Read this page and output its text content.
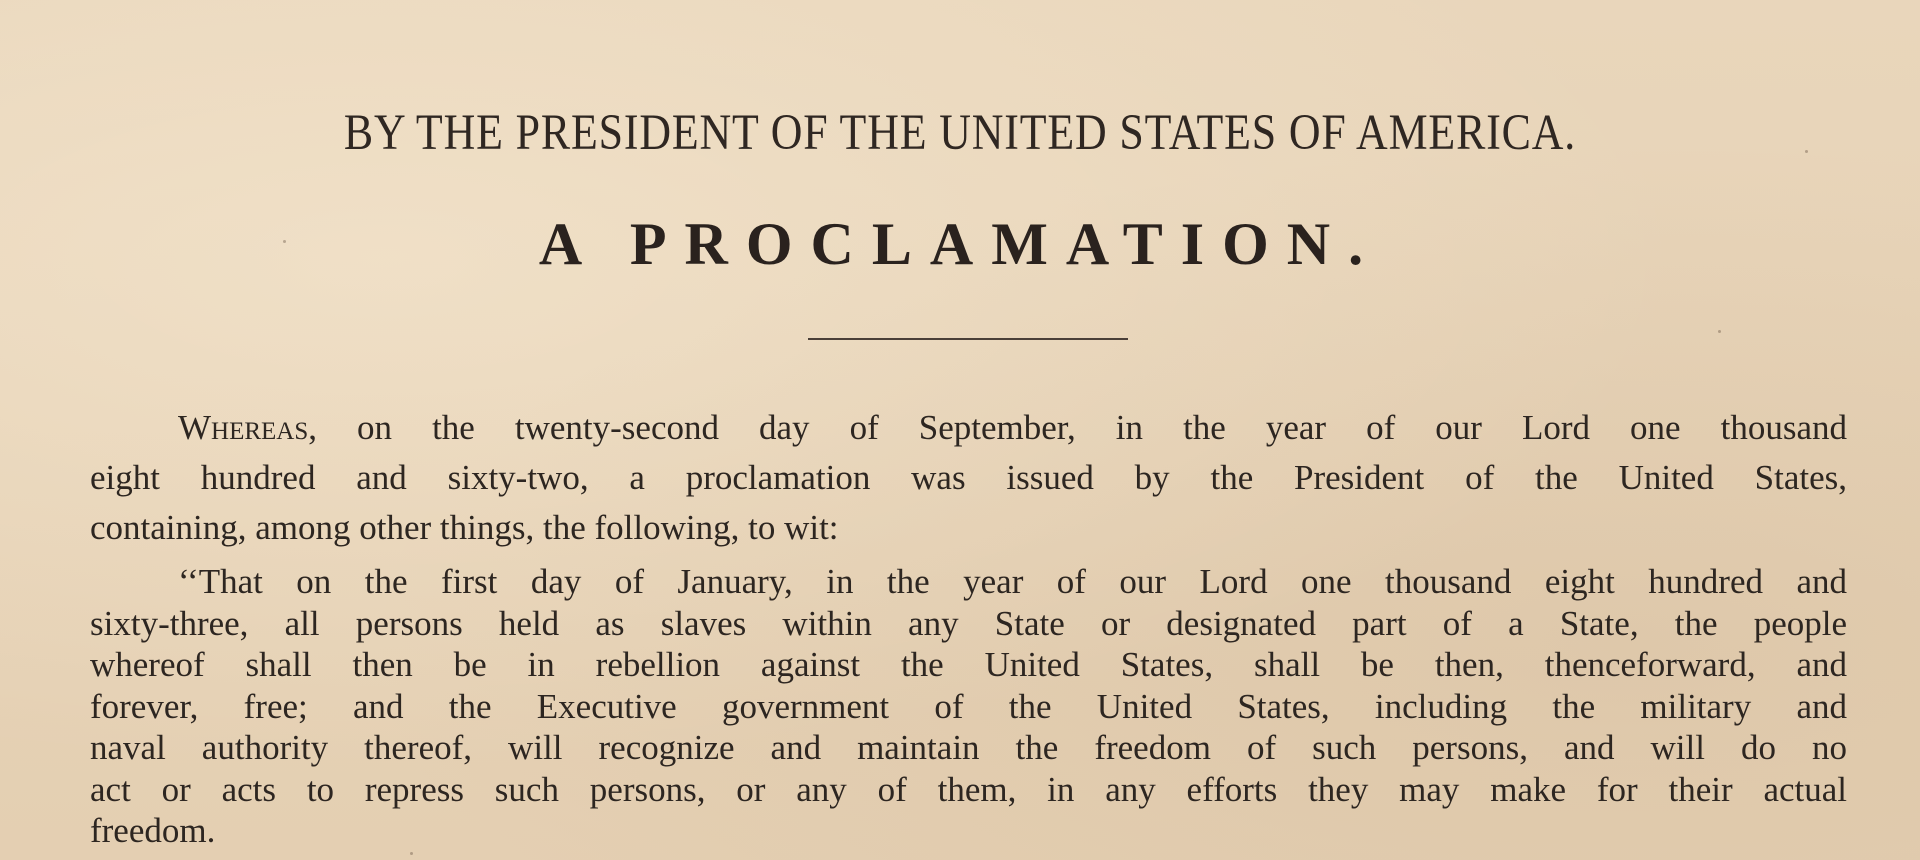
BY THE PRESIDENT OF THE UNITED STATES OF AMERICA.
A PROCLAMATION.
Whereas, on the twenty-second day of September, in the year of our Lord one thousand
eight hundred and sixty-two, a proclamation was issued by the President of the United States,
containing, among other things, the following, to wit:
‘‘That on the first day of January, in the year of our Lord one thousand eight hundred and
sixty-three, all persons held as slaves within any State or designated part of a State, the people
whereof shall then be in rebellion against the United States, shall be then, thenceforward, and
forever, free; and the Executive government of the United States, including the military and
naval authority thereof, will recognize and maintain the freedom of such persons, and will do no
act or acts to repress such persons, or any of them, in any efforts they may make for their actual
freedom.
